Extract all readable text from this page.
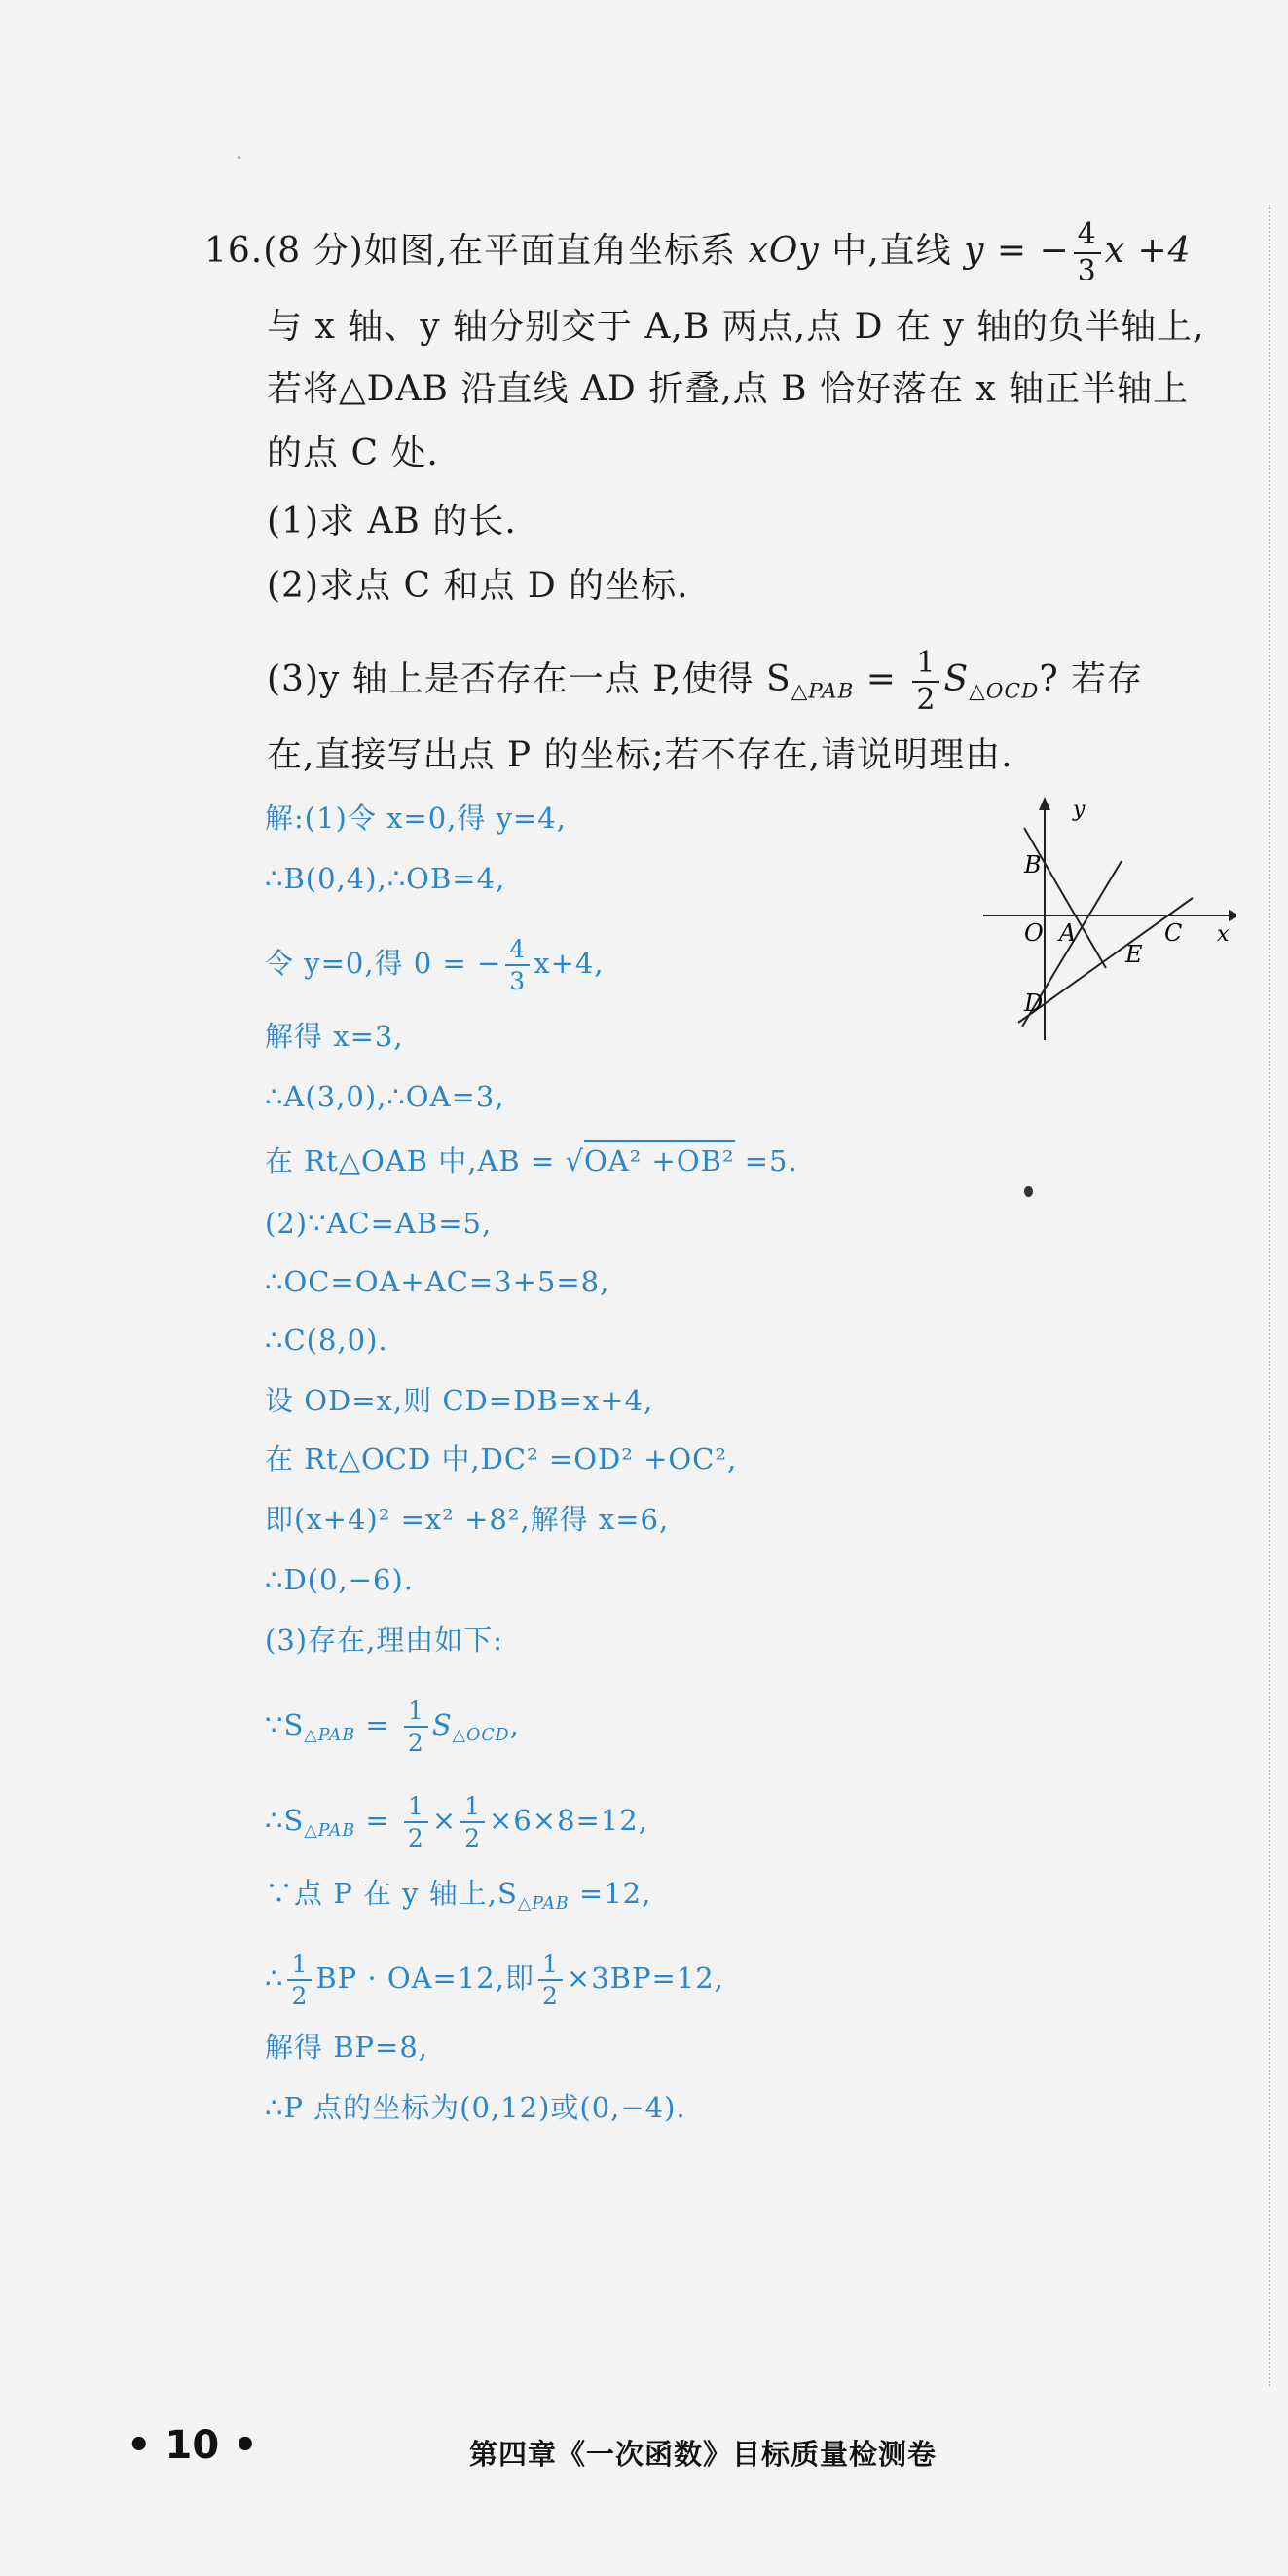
16.(8 分)如图,在平面直角坐标系 xOy 中,直线 y = − $\frac{4}{3}$ x +4
与 x 轴、y 轴分别交于 A,B 两点,点 D 在 y 轴的负半轴上,
若将△DAB 沿直线 AD 折叠,点 B 恰好落在 x 轴正半轴上
的点 C 处.
(1)求 AB 的长.
(2)求点 C 和点 D 的坐标.
(3)y 轴上是否存在一点 P,使得 $S_{\triangle PAB} = \frac{1}{2} S_{\triangle OCD}$? 若存
在,直接写出点 P 的坐标;若不存在,请说明理由.
y
x
B
O A	C
E
D
解:(1)令 x=0,得 y=4,
∴B(0,4),∴OB=4,
令 y=0,得 0 = − $\frac{4}{3} x+4$,
解得 x=3,
∴A(3,0),∴OA=3,
在 Rt△OAB 中,AB = √OA² +OB² =5.
(2)∵AC=AB=5,
∴OC=OA+AC=3+5=8,
∴C(8,0).
设 OD=x,则 CD=DB=x+4,
在 Rt△OCD 中,DC² =OD² +OC²,
即(x+4)² =x² +8²,解得 x=6,
∴D(0,−6).
(3)存在,理由如下:
$\because S_{\triangle PAB} = \frac{1}{2} S_{\triangle OCD}$,
$\therefore S_{\triangle PAB} = \frac{1}{2} \times \frac{1}{2} \times 6\times 8=12$,
∵点 P 在 y 轴上$,S_{\triangle PAB} =12$,
∴ $\frac{1}{2}$ BP · OA=12,即 $\frac{1}{2} \times 3BP=12$,
解得 BP=8,
∴P 点的坐标为(0,12)或(0,−4).
• 10 •	第四章《一次函数》目标质量检测卷
